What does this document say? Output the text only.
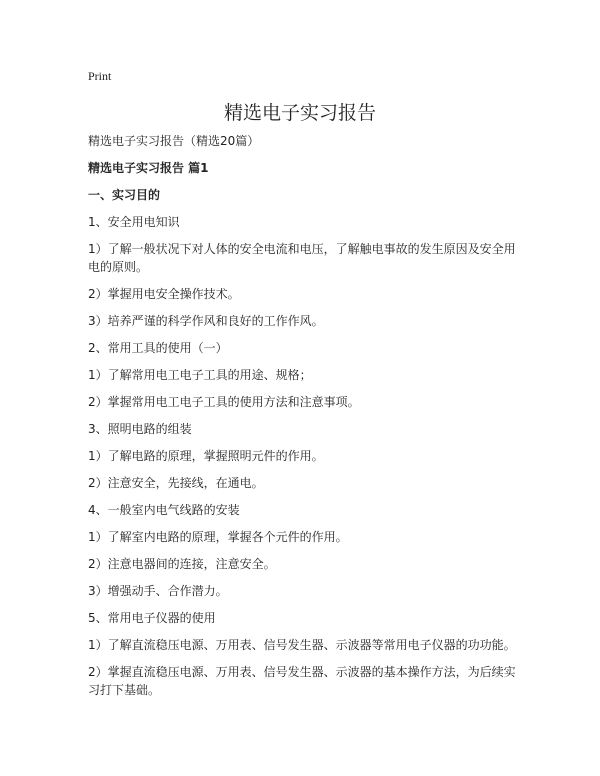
Print
精选电子实习报告

精选电子实习报告（精选20篇）

精选电子实习报告 篇1

一、实习目的

1、安全用电知识

1）了解一般状况下对人体的安全电流和电压，了解触电事故的发生原因及安全用电的原则。

2）掌握用电安全操作技术。

3）培养严谨的科学作风和良好的工作作风。

2、常用工具的使用（一）

1）了解常用电工电子工具的用途、规格；

2）掌握常用电工电子工具的使用方法和注意事项。

3、照明电路的组装

1）了解电路的原理，掌握照明元件的作用。

2）注意安全，先接线，在通电。

4、一般室内电气线路的安装

1）了解室内电路的原理，掌握各个元件的作用。

2）注意电器间的连接，注意安全。

3）增强动手、合作潜力。

5、常用电子仪器的使用

1）了解直流稳压电源、万用表、信号发生器、示波器等常用电子仪器的功功能。

2）掌握直流稳压电源、万用表、信号发生器、示波器的基本操作方法，为后续实习打下基础。
